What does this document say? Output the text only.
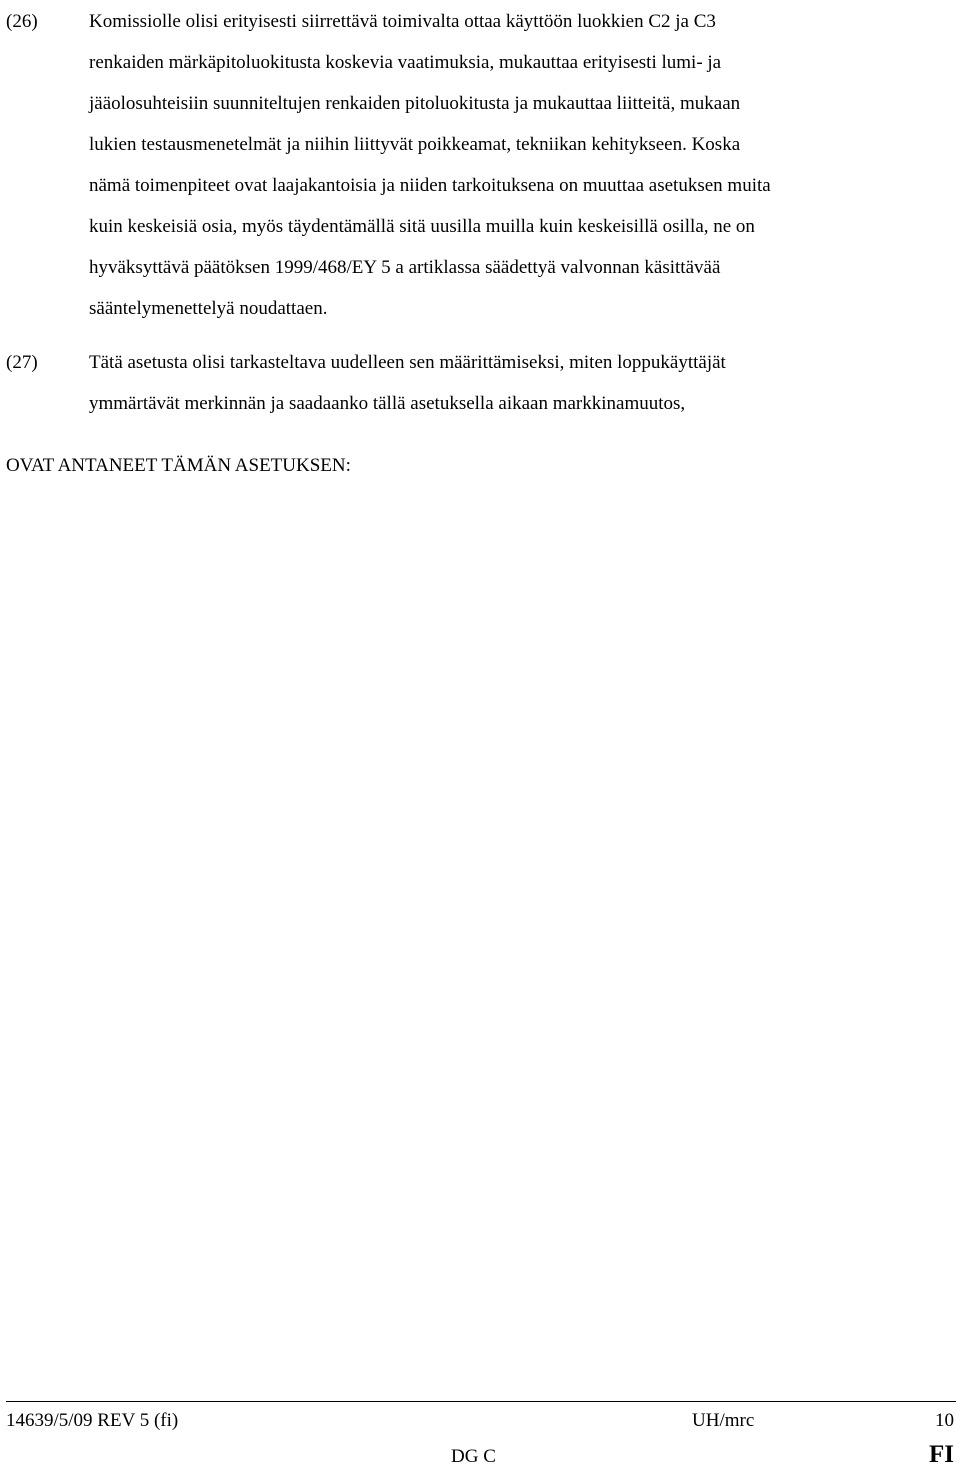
(26)	Komissiolle olisi erityisesti siirrettävä toimivalta ottaa käyttöön luokkien C2 ja C3
renkaiden märkäpitoluokitusta koskevia vaatimuksia, mukauttaa erityisesti lumi- ja
jääolosuhteisiin suunniteltujen renkaiden pitoluokitusta ja mukauttaa liitteitä, mukaan
lukien testausmenetelmät ja niihin liittyvät poikkeamat, tekniikan kehitykseen. Koska
nämä toimenpiteet ovat laajakantoisia ja niiden tarkoituksena on muuttaa asetuksen muita
kuin keskeisiä osia, myös täydentämällä sitä uusilla muilla kuin keskeisillä osilla, ne on
hyväksyttävä päätöksen 1999/468/EY 5 a artiklassa säädettyä valvonnan käsittävää
sääntelymenettelyä noudattaen.

(27)	Tätä asetusta olisi tarkasteltava uudelleen sen määrittämiseksi, miten loppukäyttäjät
ymmärtävät merkinnän ja saadaanko tällä asetuksella aikaan markkinamuutos,

OVAT ANTANEET TÄMÄN ASETUKSEN:
14639/5/09 REV 5 (fi)	UH/mrc	10
DG C	FI
